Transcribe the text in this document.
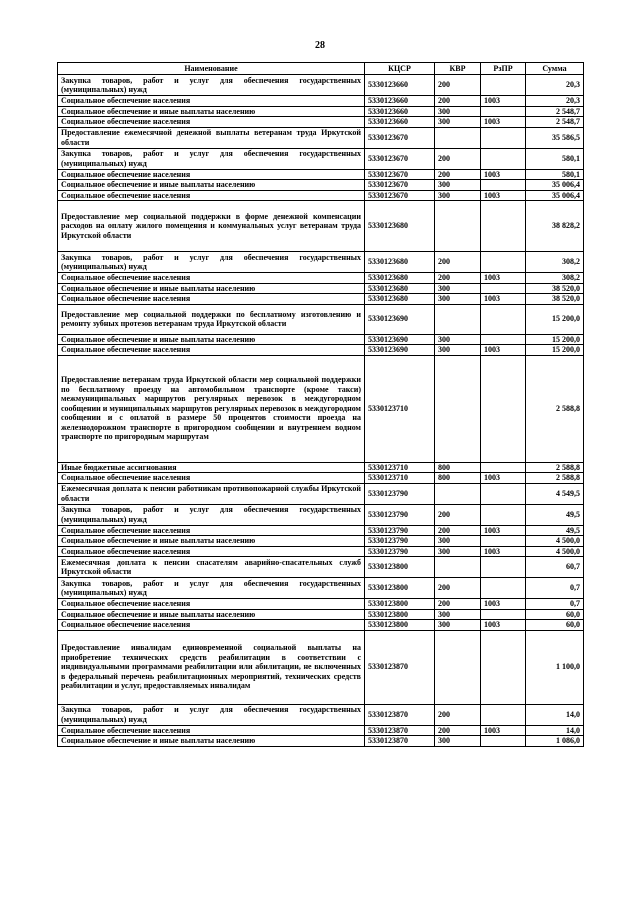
28
Наименование	КЦСР	КВР	РзПР	Сумма
Закупка товаров, работ и услуг для обеспечения государственных (муниципальных) нужд	5330123660	200		20,3
Социальное обеспечение населения	5330123660	200	1003	20,3
Социальное обеспечение и иные выплаты населению	5330123660	300		2 548,7
Социальное обеспечение населения	5330123660	300	1003	2 548,7
Предоставление ежемесячной денежной выплаты ветеранам труда Иркутской области	5330123670			35 586,5
Закупка товаров, работ и услуг для обеспечения государственных (муниципальных) нужд	5330123670	200		580,1
Социальное обеспечение населения	5330123670	200	1003	580,1
Социальное обеспечение и иные выплаты населению	5330123670	300		35 006,4
Социальное обеспечение населения	5330123670	300	1003	35 006,4
Предоставление мер социальной поддержки в форме денежной компенсации расходов на оплату жилого помещения и коммунальных услуг ветеранам труда Иркутской области	5330123680			38 828,2
Закупка товаров, работ и услуг для обеспечения государственных (муниципальных) нужд	5330123680	200		308,2
Социальное обеспечение населения	5330123680	200	1003	308,2
Социальное обеспечение и иные выплаты населению	5330123680	300		38 520,0
Социальное обеспечение населения	5330123680	300	1003	38 520,0
Предоставление мер социальной поддержки по бесплатному изготовлению и ремонту зубных протезов ветеранам труда Иркутской области	5330123690			15 200,0
Социальное обеспечение и иные выплаты населению	5330123690	300		15 200,0
Социальное обеспечение населения	5330123690	300	1003	15 200,0
Предоставление ветеранам труда Иркутской области мер социальной поддержки по бесплатному проезду на автомобильном транспорте (кроме такси) межмуниципальных маршрутов регулярных перевозок в междугородном сообщении и муниципальных маршрутов регулярных перевозок в междугородном сообщении и с оплатой в размере 50 процентов стоимости проезда на железнодорожном транспорте в пригородном сообщении и внутреннем водном транспорте по пригородным маршрутам	5330123710			2 588,8
Иные бюджетные ассигнования	5330123710	800		2 588,8
Социальное обеспечение населения	5330123710	800	1003	2 588,8
Ежемесячная доплата к пенсии работникам противопожарной службы Иркутской области	5330123790			4 549,5
Закупка товаров, работ и услуг для обеспечения государственных (муниципальных) нужд	5330123790	200		49,5
Социальное обеспечение населения	5330123790	200	1003	49,5
Социальное обеспечение и иные выплаты населению	5330123790	300		4 500,0
Социальное обеспечение населения	5330123790	300	1003	4 500,0
Ежемесячная доплата к пенсии спасателям аварийно-спасательных служб Иркутской области	5330123800			60,7
Закупка товаров, работ и услуг для обеспечения государственных (муниципальных) нужд	5330123800	200		0,7
Социальное обеспечение населения	5330123800	200	1003	0,7
Социальное обеспечение и иные выплаты населению	5330123800	300		60,0
Социальное обеспечение населения	5330123800	300	1003	60,0
Предоставление инвалидам единовременной социальной выплаты на приобретение технических средств реабилитации в соответствии с индивидуальными программами реабилитации или абилитации, не включенных в федеральный перечень реабилитационных мероприятий, технических средств реабилитации и услуг, предоставляемых инвалидам	5330123870			1 100,0
Закупка товаров, работ и услуг для обеспечения государственных (муниципальных) нужд	5330123870	200		14,0
Социальное обеспечение населения	5330123870	200	1003	14,0
Социальное обеспечение и иные выплаты населению	5330123870	300		1 086,0
